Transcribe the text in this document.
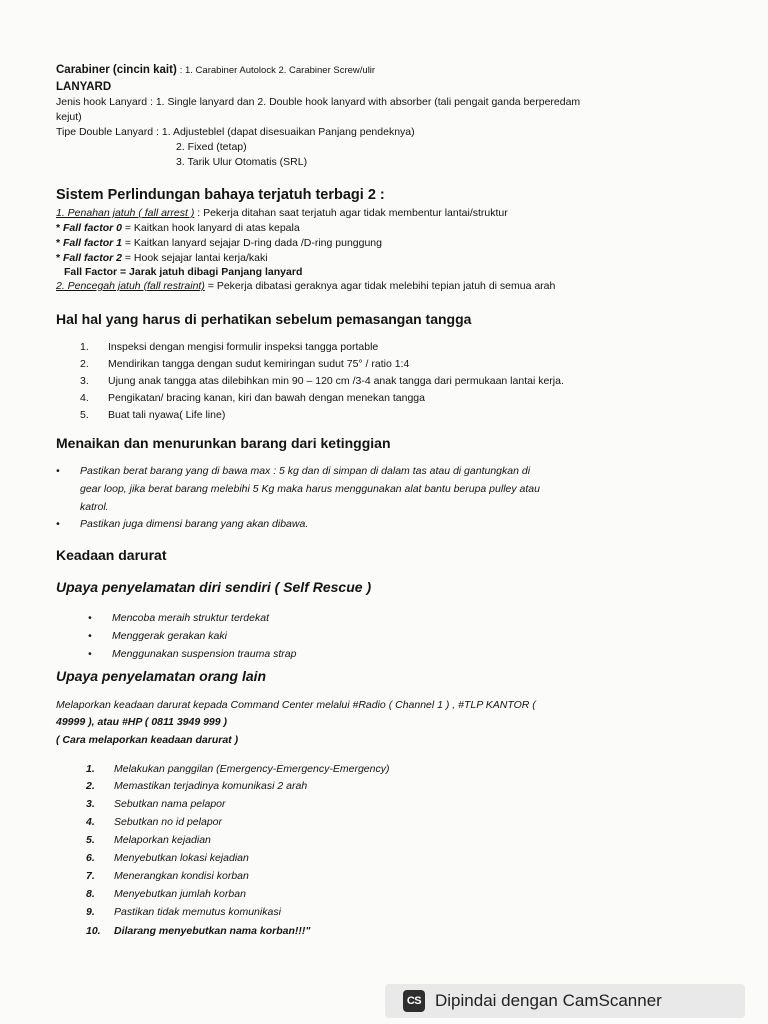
Carabiner (cincin kait) : 1. Carabiner Autolock 2. Carabiner Screw/ulir
LANYARD
Jenis hook Lanyard : 1. Single lanyard dan 2. Double hook lanyard with absorber (tali pengait ganda berperedam
kejut)
Tipe Double Lanyard : 1. Adjusteblel (dapat disesuaikan Panjang pendeknya)
2. Fixed (tetap)
3. Tarik Ulur Otomatis (SRL)
Sistem Perlindungan bahaya terjatuh terbagi 2 :
1. Penahan jatuh ( fall arrest ) : Pekerja ditahan saat terjatuh agar tidak membentur lantai/struktur
* Fall factor 0 = Kaitkan hook lanyard di atas kepala
* Fall factor 1 = Kaitkan lanyard sejajar D-ring dada /D-ring punggung
* Fall factor 2 = Hook sejajar lantai kerja/kaki
Fall Factor = Jarak jatuh dibagi Panjang lanyard
2. Pencegah jatuh (fall restraint) = Pekerja dibatasi geraknya agar tidak melebihi tepian jatuh di semua arah
Hal hal yang harus di perhatikan sebelum pemasangan tangga
1. Inspeksi dengan mengisi formulir inspeksi tangga portable
2. Mendirikan tangga dengan sudut kemiringan sudut 75° / ratio 1:4
3. Ujung anak tangga atas dilebihkan min 90 – 120 cm /3-4 anak tangga dari permukaan lantai kerja.
4. Pengikatan/ bracing kanan, kiri dan bawah dengan menekan tangga
5. Buat tali nyawa( Life line)
Menaikan dan menurunkan barang dari ketinggian
• Pastikan berat barang yang di bawa max : 5 kg dan di simpan di dalam tas atau di gantungkan di
gear loop, jika berat barang melebihi 5 Kg maka harus menggunakan alat bantu berupa pulley atau
katrol.
• Pastikan juga dimensi barang yang akan dibawa.
Keadaan darurat
Upaya penyelamatan diri sendiri ( Self Rescue )
• Mencoba meraih struktur terdekat
• Menggerak gerakan kaki
• Menggunakan suspension trauma strap
Upaya penyelamatan orang lain
Melaporkan keadaan darurat kepada Command Center melalui #Radio ( Channel 1 ) , #TLP KANTOR (
49999 ), atau #HP ( 0811 3949 999 )
( Cara melaporkan keadaan darurat )
1. Melakukan panggilan (Emergency-Emergency-Emergency)
2. Memastikan terjadinya komunikasi 2 arah
3. Sebutkan nama pelapor
4. Sebutkan no id pelapor
5. Melaporkan kejadian
6. Menyebutkan lokasi kejadian
7. Menerangkan kondisi korban
8. Menyebutkan jumlah korban
9. Pastikan tidak memutus komunikasi
10. Dilarang menyebutkan nama korban!!!"
CS Dipindai dengan CamScanner
